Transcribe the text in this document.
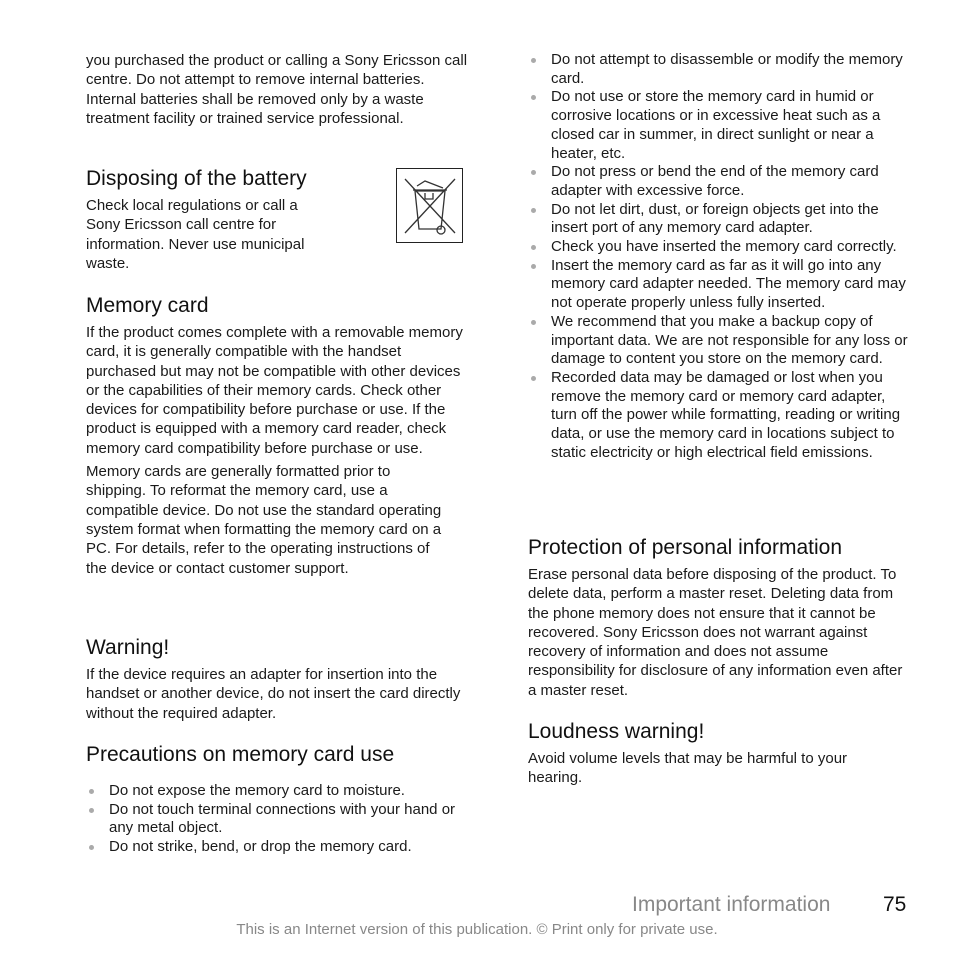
you purchased the product or calling a Sony Ericsson call centre. Do not attempt to remove internal batteries. Internal batteries shall be removed only by a waste treatment facility or trained service professional.

Disposing of the battery

Check local regulations or call a Sony Ericsson call centre for information. Never use municipal waste.

Memory card

If the product comes complete with a removable memory card, it is generally compatible with the handset purchased but may not be compatible with other devices or the capabilities of their memory cards. Check other devices for compatibility before purchase or use. If the product is equipped with a memory card reader, check memory card compatibility before purchase or use.

Memory cards are generally formatted prior to shipping. To reformat the memory card, use a compatible device. Do not use the standard operating system format when formatting the memory card on a PC. For details, refer to the operating instructions of the device or contact customer support.

Warning!

If the device requires an adapter for insertion into the handset or another device, do not insert the card directly without the required adapter.

Precautions on memory card use
Do not expose the memory card to moisture.
Do not touch terminal connections with your hand or any metal object.
Do not strike, bend, or drop the memory card.
Do not attempt to disassemble or modify the memory card.
Do not use or store the memory card in humid or corrosive locations or in excessive heat such as a closed car in summer, in direct sunlight or near a heater, etc.
Do not press or bend the end of the memory card adapter with excessive force.
Do not let dirt, dust, or foreign objects get into the insert port of any memory card adapter.
Check you have inserted the memory card correctly.
Insert the memory card as far as it will go into any memory card adapter needed. The memory card may not operate properly unless fully inserted.
We recommend that you make a backup copy of important data. We are not responsible for any loss or damage to content you store on the memory card.
Recorded data may be damaged or lost when you remove the memory card or memory card adapter, turn off the power while formatting, reading or writing data, or use the memory card in locations subject to static electricity or high electrical field emissions.
Protection of personal information

Erase personal data before disposing of the product. To delete data, perform a master reset. Deleting data from the phone memory does not ensure that it cannot be recovered. Sony Ericsson does not warrant against recovery of information and does not assume responsibility for disclosure of any information even after a master reset.

Loudness warning!

Avoid volume levels that may be harmful to your hearing.

Important information	75
This is an Internet version of this publication. © Print only for private use.
